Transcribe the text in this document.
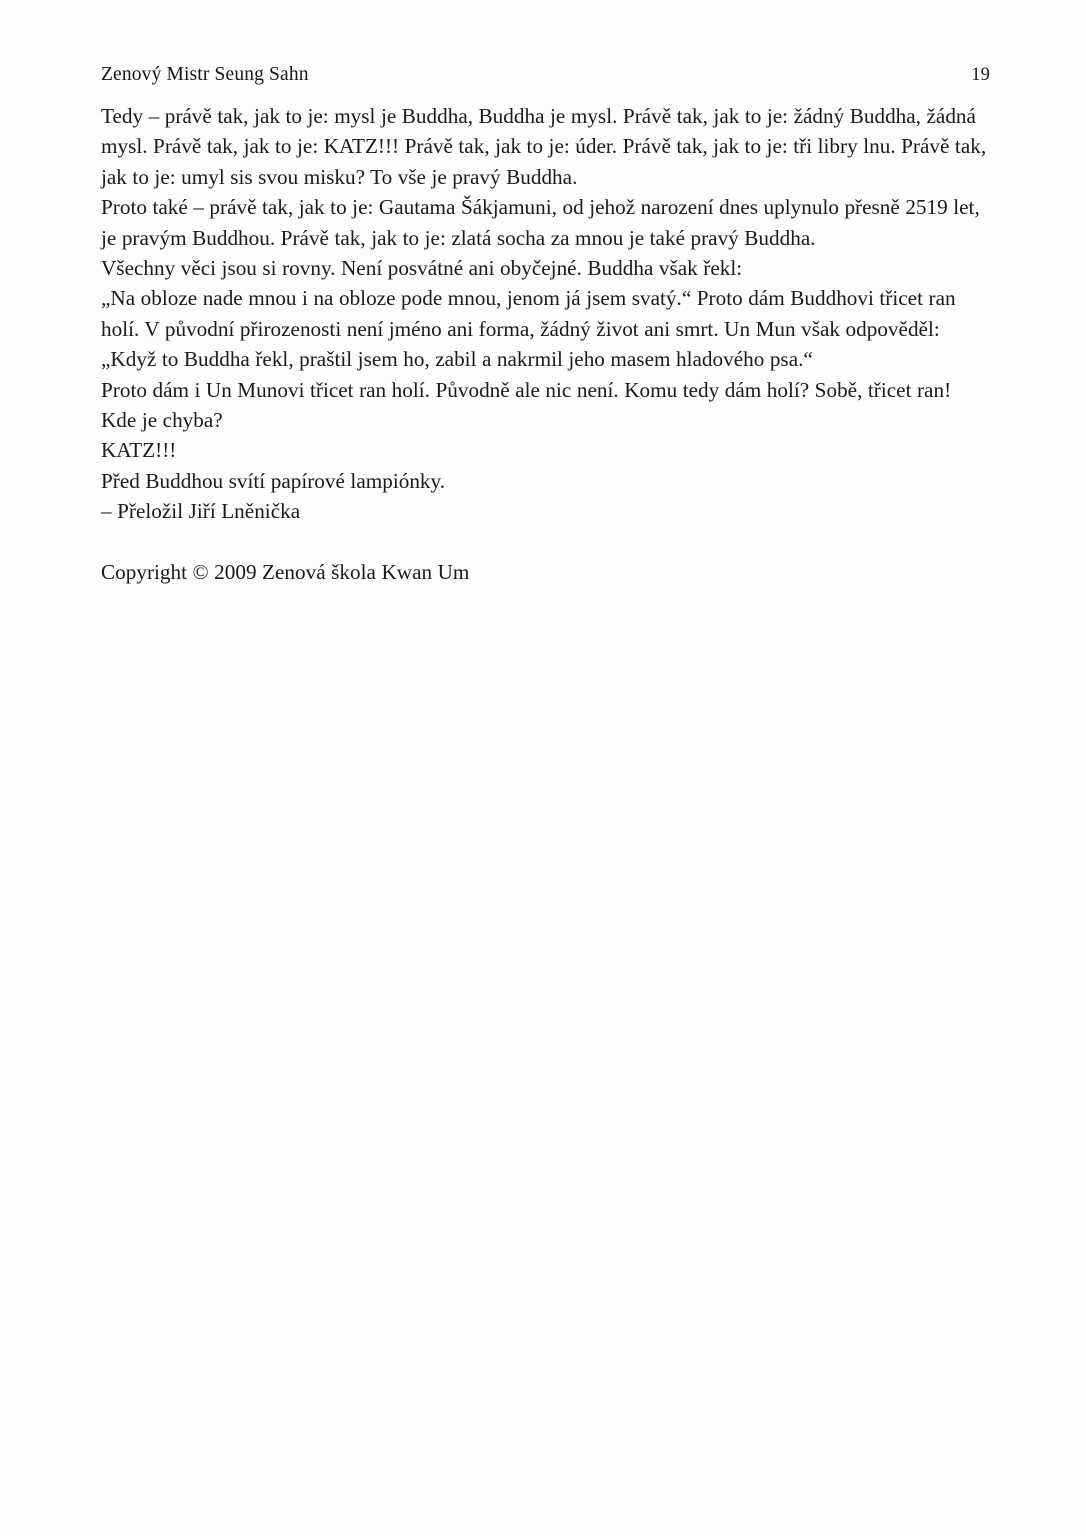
Zenový Mistr Seung Sahn	19

Tedy – právě tak, jak to je: mysl je Buddha, Buddha je mysl. Právě tak, jak to je: žádný Buddha, žádná mysl. Právě tak, jak to je: KATZ!!! Právě tak, jak to je: úder. Právě tak, jak to je: tři libry lnu. Právě tak, jak to je: umyl sis svou misku? To vše je pravý Buddha.

Proto také – právě tak, jak to je: Gautama Šákjamuni, od jehož narození dnes uplynulo přesně 2519 let, je pravým Buddhou. Právě tak, jak to je: zlatá socha za mnou je také pravý Buddha.

Všechny věci jsou si rovny. Není posvátné ani obyčejné. Buddha však řekl:

„Na obloze nade mnou i na obloze pode mnou, jenom já jsem svatý.“ Proto dám Buddhovi třicet ran holí. V původní přirozenosti není jméno ani forma, žádný život ani smrt. Un Mun však odpověděl:

„Když to Buddha řekl, praštil jsem ho, zabil a nakrmil jeho masem hladového psa.“

Proto dám i Un Munovi třicet ran holí. Původně ale nic není. Komu tedy dám holí? Sobě, třicet ran!

Kde je chyba?

KATZ!!!

Před Buddhou svítí papírové lampiónky.

– Přeložil Jiří Lněnička

Copyright © 2009 Zenová škola Kwan Um
